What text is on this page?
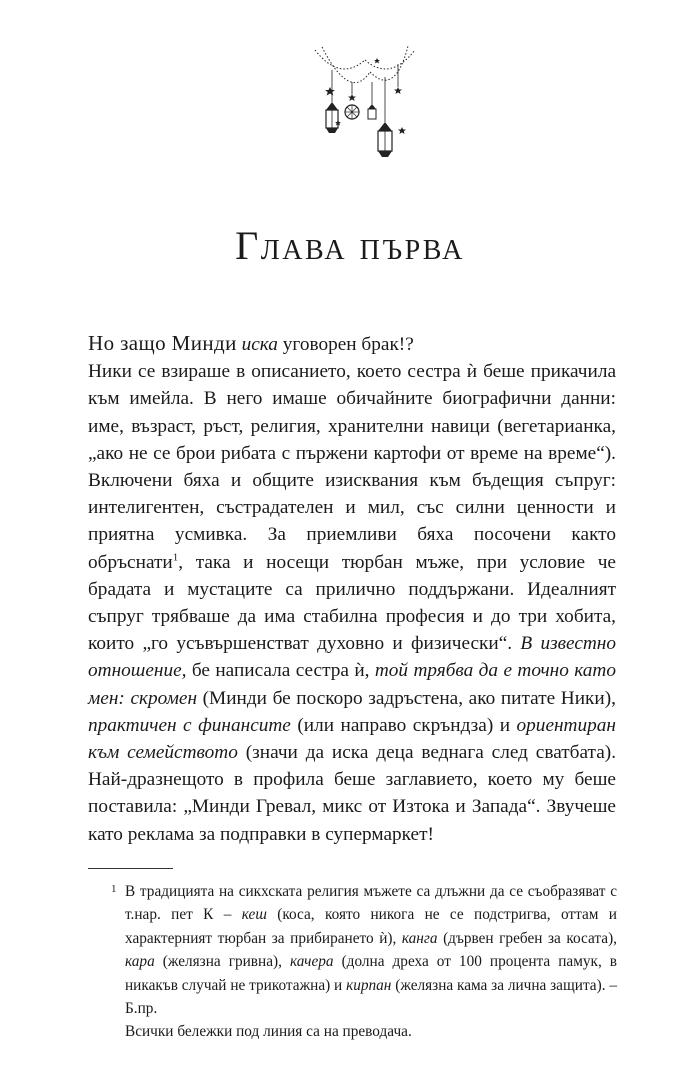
Глава първа

Но защо Минди иска уговорен брак!?
Ники се взираше в описанието, което сестра ѝ беше прикачила към имейла. В него имаше обичайните биографични данни: име, възраст, ръст, религия, хранителни навици (вегетарианка, „ако не се брои рибата с пържени картофи от време на време“). Включени бяха и общите изисквания към бъдещия съпруг: интелигентен, състрадателен и мил, със силни ценности и приятна усмивка. За приемливи бяха посочени както обръснати$^1$, така и носещи тюрбан мъже, при условие че брадата и мустаците са прилично поддържани. Идеалният съпруг трябваше да има стабилна професия и до три хобита, които „го усъвършенстват духовно и физически“. В известно отношение, бе написала сестра ѝ, той трябва да е точно като мен: скромен (Минди бе поскоро задръстена, ако питате Ники), практичен с финансите (или направо скръндза) и ориентиран към семейството (значи да иска деца веднага след сватбата). Най-дразнещото в профила беше заглавието, което му беше поставила: „Минди Гревал, микс от Изтока и Запада“. Звучеше като реклама за подправки в супермаркет!

1 В традицията на сикхската религия мъжете са длъжни да се съобразяват с т.нар. пет К – кеш (коса, която никога не се подстригва, оттам и характерният тюрбан за прибирането ѝ), канга (дървен гребен за косата), кара (желязна гривна), качера (долна дреха от 100 процента памук, в никакъв случай не трикотажна) и кирпан (желязна кама за лична защита). – Б.пр.
Всички бележки под линия са на преводача.
